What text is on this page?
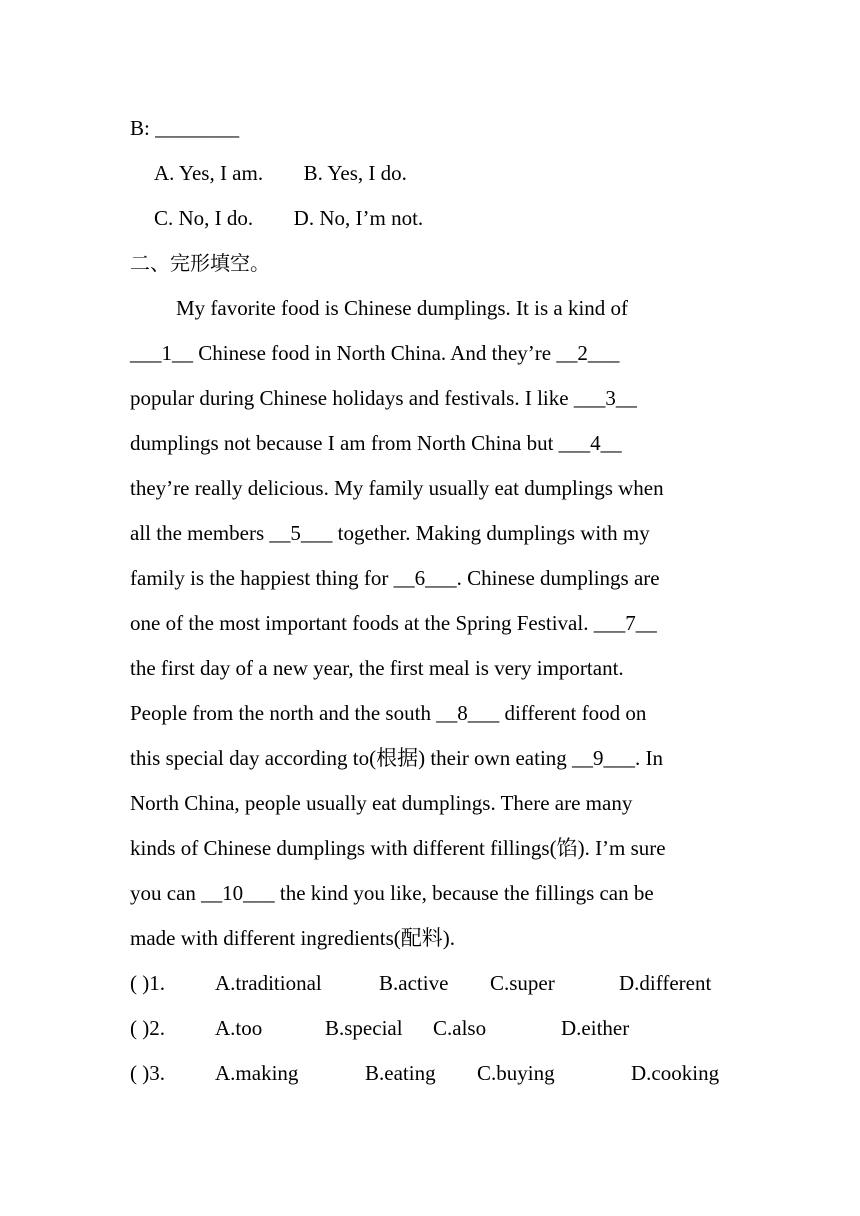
B: ________
A. Yes, I am. B. Yes, I do.
C. No, I do. D. No, I’m not.
二、完形填空。
My favorite food is Chinese dumplings. It is a kind of
___1__ Chinese food in North China. And they’re __2___
popular during Chinese holidays and festivals. I like ___3__
dumplings not because I am from North China but ___4__
they’re really delicious. My family usually eat dumplings when
all the members __5___ together. Making dumplings with my
family is the happiest thing for __6___. Chinese dumplings are
one of the most important foods at the Spring Festival. ___7__
the first day of a new year, the first meal is very important.
People from the north and the south __8___ different food on
this special day according to(根据) their own eating __9___. In
North China, people usually eat dumplings. There are many
kinds of Chinese dumplings with different fillings(馅). I’m sure
you can __10___ the kind you like, because the fillings can be
made with different ingredients(配料).
( )1. A.traditional	B.active C.super	D.different
( )2. A.too	B.special C.also	D.either
( )3. A.making	B.eating C.buying	D.cooking
